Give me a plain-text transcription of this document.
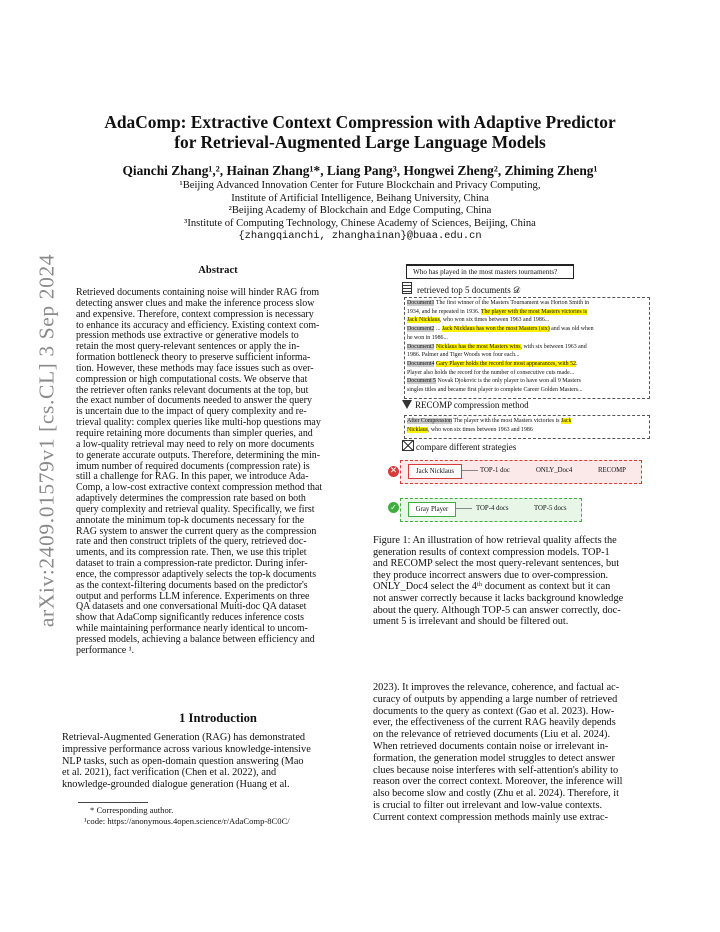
arXiv:2409.01579v1 [cs.CL] 3 Sep 2024
AdaComp: Extractive Context Compression with Adaptive Predictor
for Retrieval-Augmented Large Language Models
Qianchi Zhang¹,², Hainan Zhang¹*, Liang Pang³, Hongwei Zheng², Zhiming Zheng¹
¹Beijing Advanced Innovation Center for Future Blockchain and Privacy Computing,
Institute of Artificial Intelligence, Beihang University, China
²Beijing Academy of Blockchain and Edge Computing, China
³Institute of Computing Technology, Chinese Academy of Sciences, Beijing, China
{zhangqianchi, zhanghainan}@buaa.edu.cn
Abstract
Retrieved documents containing noise will hinder RAG from
detecting answer clues and make the inference process slow
and expensive. Therefore, context compression is necessary
to enhance its accuracy and efficiency. Existing context com-
pression methods use extractive or generative models to
retain the most query-relevant sentences or apply the in-
formation bottleneck theory to preserve sufficient informa-
tion. However, these methods may face issues such as over-
compression or high computational costs. We observe that
the retriever often ranks relevant documents at the top, but
the exact number of documents needed to answer the query
is uncertain due to the impact of query complexity and re-
trieval quality: complex queries like multi-hop questions may
require retaining more documents than simpler queries, and
a low-quality retrieval may need to rely on more documents
to generate accurate outputs. Therefore, determining the min-
imum number of required documents (compression rate) is
still a challenge for RAG. In this paper, we introduce Ada-
Comp, a low-cost extractive context compression method that
adaptively determines the compression rate based on both
query complexity and retrieval quality. Specifically, we first
annotate the minimum top-k documents necessary for the
RAG system to answer the current query as the compression
rate and then construct triplets of the query, retrieved doc-
uments, and its compression rate. Then, we use this triplet
dataset to train a compression-rate predictor. During infer-
ence, the compressor adaptively selects the top-k documents
as the context-filtering documents based on the predictor's
output and performs LLM inference. Experiments on three
QA datasets and one conversational Muiti-doc QA dataset
show that AdaComp significantly reduces inference costs
while maintaining performance nearly identical to uncom-
pressed models, achieving a balance between efficiency and
performance ¹.
1 Introduction
Retrieval-Augmented Generation (RAG) has demonstrated
impressive performance across various knowledge-intensive
NLP tasks, such as open-domain question answering (Mao
et al. 2021), fact verification (Chen et al. 2022), and
knowledge-grounded dialogue generation (Huang et al.
* Corresponding author.
¹code: https://anonymous.4open.science/r/AdaComp-8C0C/
Who has played in the most masters tournaments?
retrieved top 5 documents 𝒟
Document1 The first winner of the Masters Tournament was Horton Smith in
1934, and he repeated in 1936. The player with the most Masters victories is
Jack Nicklaus, who won six times between 1963 and 1986...
Document2 ... Jack Nicklaus has won the most Masters (six) and was old when
he won in 1986...
Document3 Nicklaus has the most Masters wins, with six between 1963 and
1986. Palmer and Tiger Woods won four each...
Document4 Gary Player holds the record for most appearances, with 52.
Player also holds the record for the number of consecutive cuts made...
Document 5 Novak Djokovic is the only player to have won all 9 Masters
singles titles and became first player to complete Career Golden Masters...
RECOMP compression method
After Compression The player with the most Masters victories is Jack
Nicklaus, who won six times between 1963 and 1986
compare different strategies
✕	Jack Nicklaus	TOP-1 doc	ONLY_Doc4	RECOMP
✓	Gray Player	TOP-4 docs	TOP-5 docs
Figure 1: An illustration of how retrieval quality affects the
generation results of context compression models. TOP-1
and RECOMP select the most query-relevant sentences, but
they produce incorrect answers due to over-compression.
ONLY_Doc4 select the 4ᵗʰ document as context but it can
not answer correctly because it lacks background knowledge
about the query. Although TOP-5 can answer correctly, doc-
ument 5 is irrelevant and should be filtered out.
2023). It improves the relevance, coherence, and factual ac-
curacy of outputs by appending a large number of retrieved
documents to the query as context (Gao et al. 2023). How-
ever, the effectiveness of the current RAG heavily depends
on the relevance of retrieved documents (Liu et al. 2024).
When retrieved documents contain noise or irrelevant in-
formation, the generation model struggles to detect answer
clues because noise interferes with self-attention's ability to
reason over the correct context. Moreover, the inference will
also become slow and costly (Zhu et al. 2024). Therefore, it
is crucial to filter out irrelevant and low-value contexts.
Current context compression methods mainly use extrac-
